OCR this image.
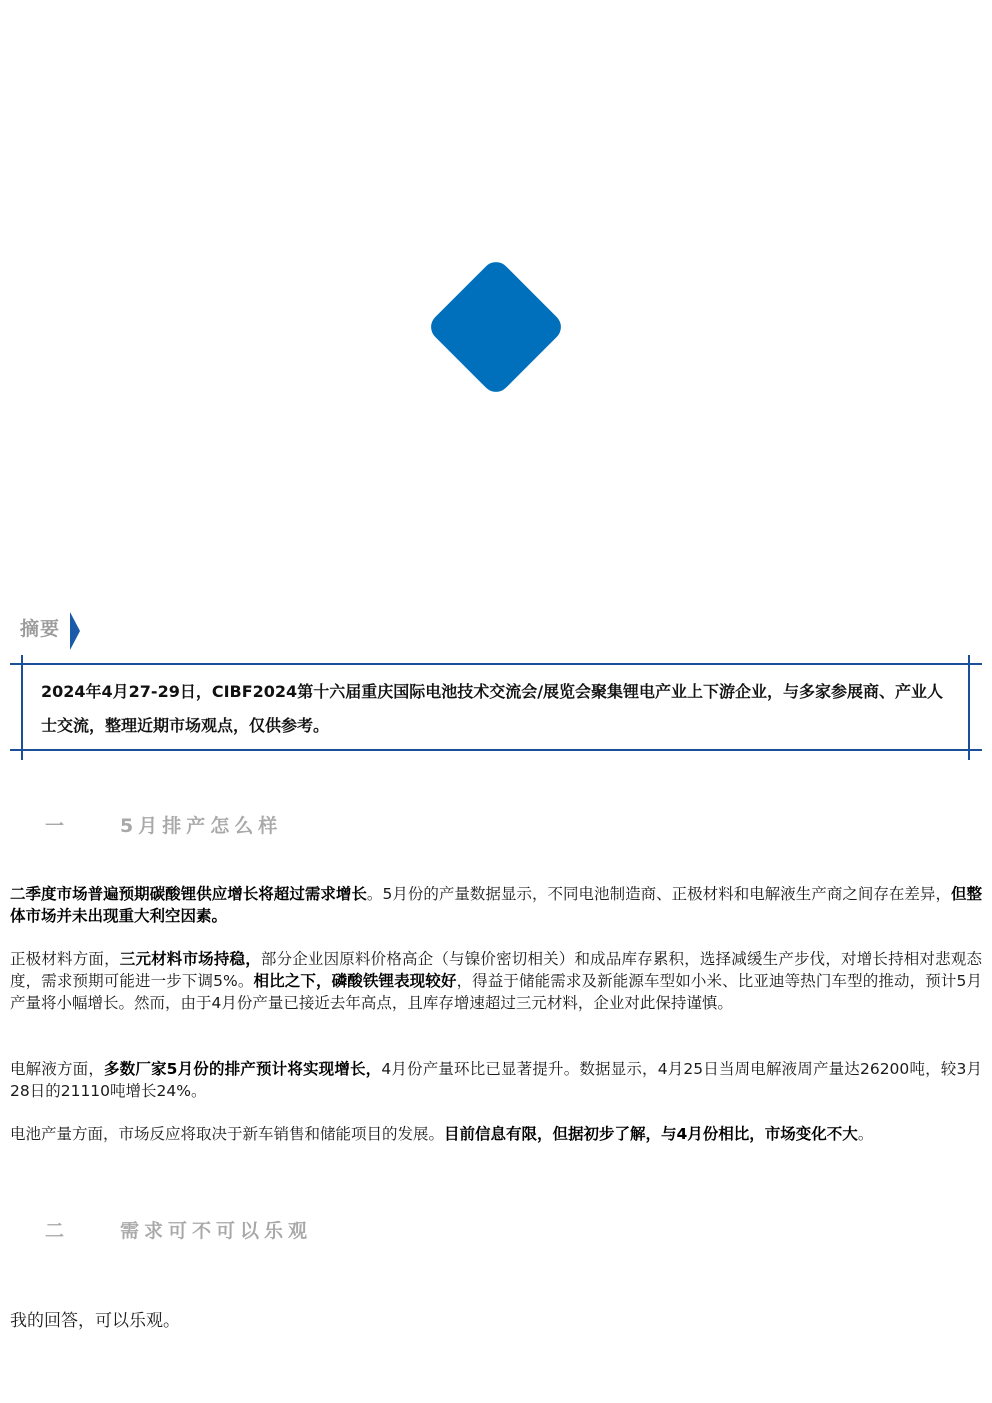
摘要
2024年4月27-29日，CIBF2024第十六届重庆国际电池技术交流会/展览会聚集锂电产业上下游企业，与多家参展商、产业人士交流，整理近期市场观点，仅供参考。
一	5月排产怎么样
二季度市场普遍预期碳酸锂供应增长将超过需求增长。5月份的产量数据显示，不同电池制造商、正极材料和电解液生产商之间存在差异，但整体市场并未出现重大利空因素。
正极材料方面，三元材料市场持稳，部分企业因原料价格高企（与镍价密切相关）和成品库存累积，选择减缓生产步伐，对增长持相对悲观态度，需求预期可能进一步下调5%。相比之下，磷酸铁锂表现较好，得益于储能需求及新能源车型如小米、比亚迪等热门车型的推动，预计5月产量将小幅增长。然而，由于4月份产量已接近去年高点，且库存增速超过三元材料，企业对此保持谨慎。
电解液方面，多数厂家5月份的排产预计将实现增长，4月份产量环比已显著提升。数据显示，4月25日当周电解液周产量达26200吨，较3月28日的21110吨增长24%。
电池产量方面，市场反应将取决于新车销售和储能项目的发展。目前信息有限，但据初步了解，与4月份相比，市场变化不大。
二	需求可不可以乐观
我的回答，可以乐观。
